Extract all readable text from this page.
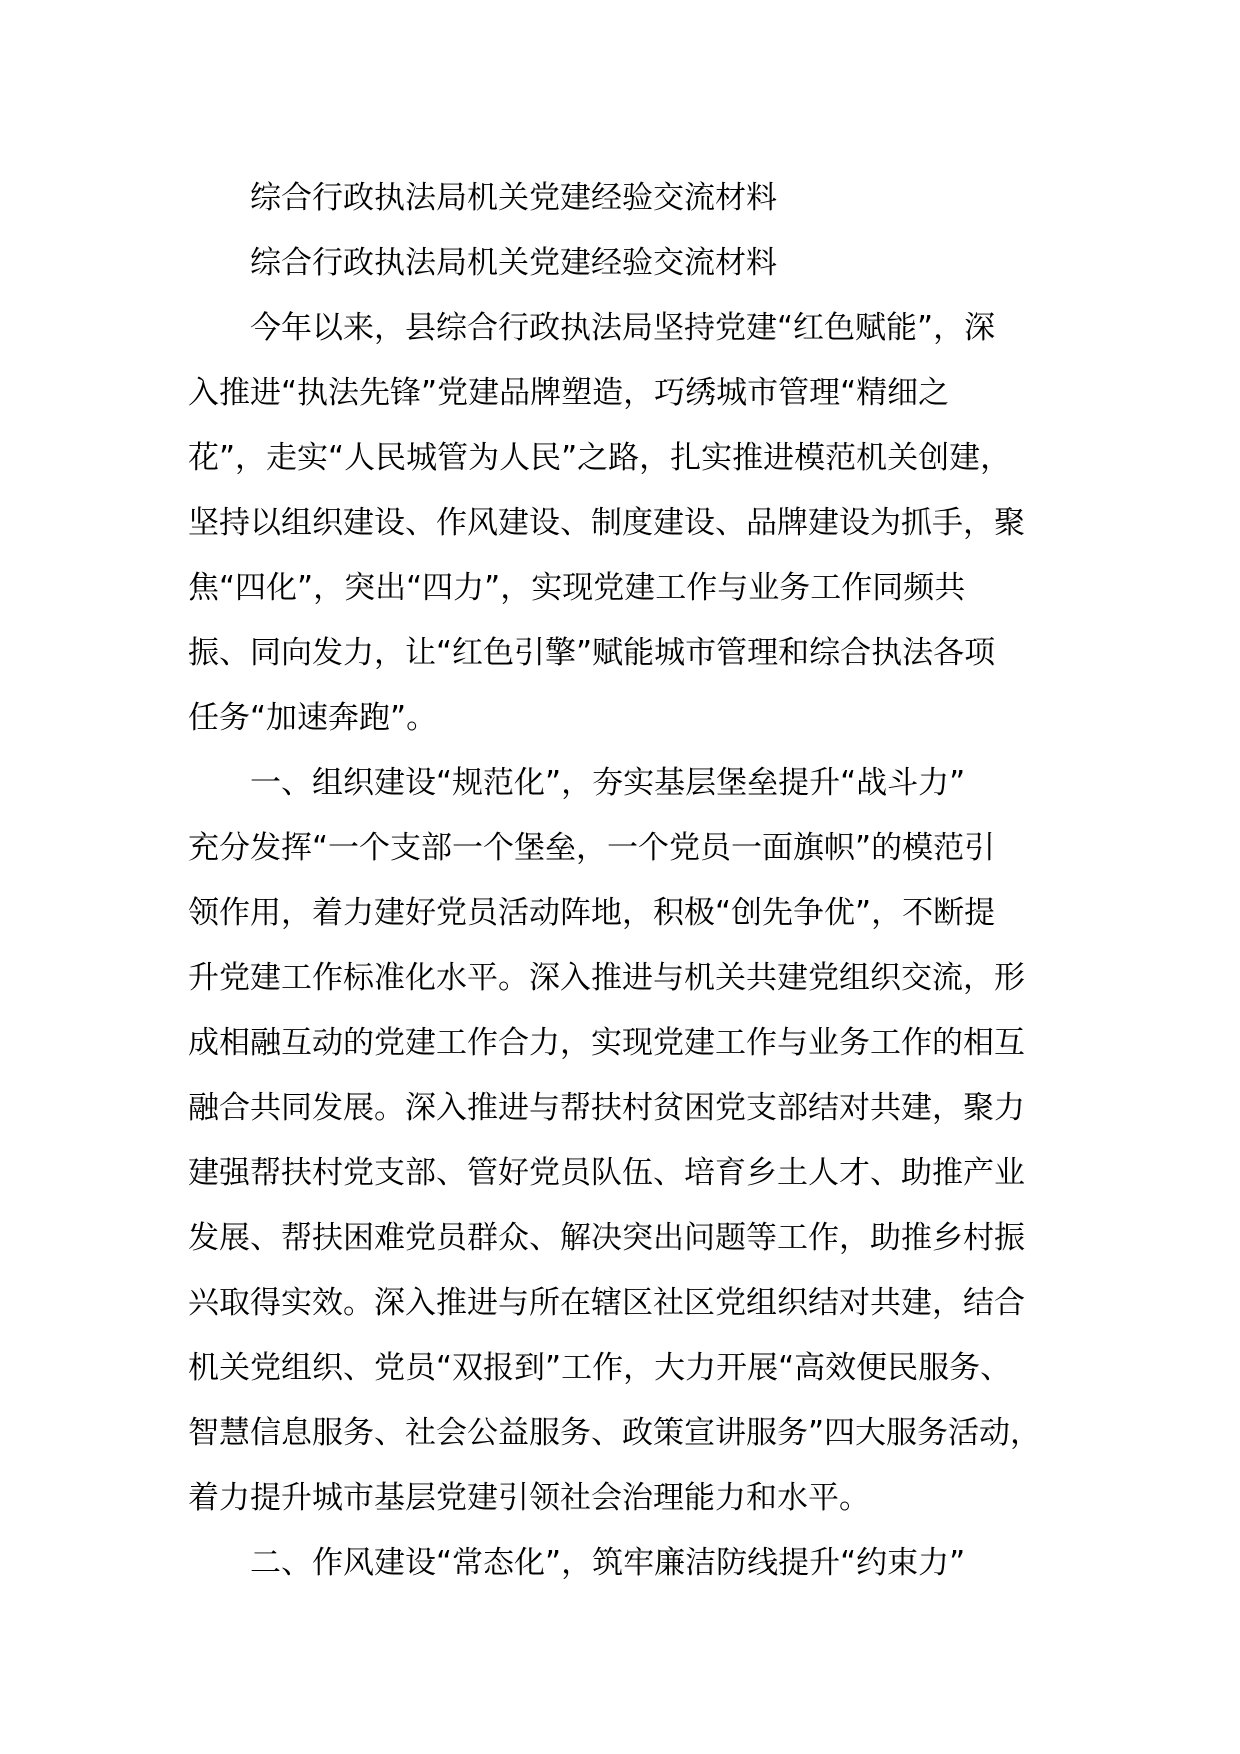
综合行政执法局机关党建经验交流材料
综合行政执法局机关党建经验交流材料
今年以来，县综合行政执法局坚持党建“红色赋能”，深
入推进“执法先锋”党建品牌塑造，巧绣城市管理“精细之
花”，走实“人民城管为人民”之路，扎实推进模范机关创建，
坚持以组织建设、作风建设、制度建设、品牌建设为抓手，聚
焦“四化”，突出“四力”，实现党建工作与业务工作同频共
振、同向发力，让“红色引擎”赋能城市管理和综合执法各项
任务“加速奔跑”。
一、组织建设“规范化”，夯实基层堡垒提升“战斗力”
充分发挥“一个支部一个堡垒，一个党员一面旗帜”的模范引
领作用，着力建好党员活动阵地，积极“创先争优”，不断提
升党建工作标准化水平。深入推进与机关共建党组织交流，形
成相融互动的党建工作合力，实现党建工作与业务工作的相互
融合共同发展。深入推进与帮扶村贫困党支部结对共建，聚力
建强帮扶村党支部、管好党员队伍、培育乡土人才、助推产业
发展、帮扶困难党员群众、解决突出问题等工作，助推乡村振
兴取得实效。深入推进与所在辖区社区党组织结对共建，结合
机关党组织、党员“双报到”工作，大力开展“高效便民服务、
智慧信息服务、社会公益服务、政策宣讲服务”四大服务活动，
着力提升城市基层党建引领社会治理能力和水平。
二、作风建设“常态化”，筑牢廉洁防线提升“约束力”
